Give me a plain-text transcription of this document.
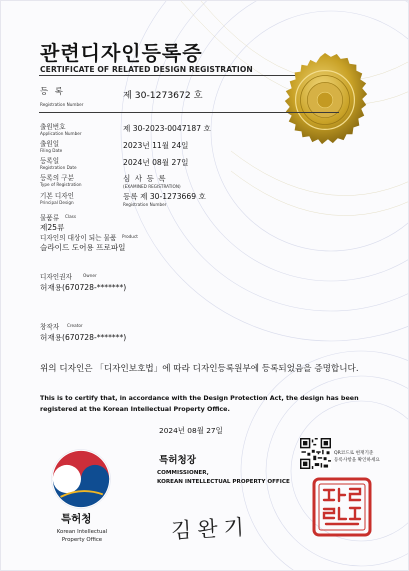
관련디자인등록증
CERTIFICATE OF RELATED DESIGN REGISTRATION
등 록
Registration Number
제 30-1273672 호
출원번호
Application Number
제 30-2023-0047187 호
출원일
Filing Date
2023년 11월 24일
등록일
Registration Date
2024년 08월 27일
등록의 구분
Type of Registration
심 사 등 록
(EXAMINED REGISTRATION)
기본 디자인
Principal Design
등록 제 30-1273669 호
Registration Number
물품류 Class
제25류
디자인의 대상이 되는 물품 Product
슬라이드 도어용 프로파일
디자인권자	Owner
허재용(670728-*******)
창작자 Creator
허재용(670728-*******)
위의 디자인은 「디자인보호법」에 따라 디자인등록원부에 등록되었음을 증명합니다.
This is to certify that, in accordance with the Design Protection Act, the design has been registered at the Korean Intellectual Property Office.
2024년 08월 27일
QR코드로 현재기준
등록사항을 확인하세요
특허청
Korean Intellectual
Property Office
특허청장
COMMISSIONER,
KOREAN INTELLECTUAL PROPERTY OFFICE
김완기
